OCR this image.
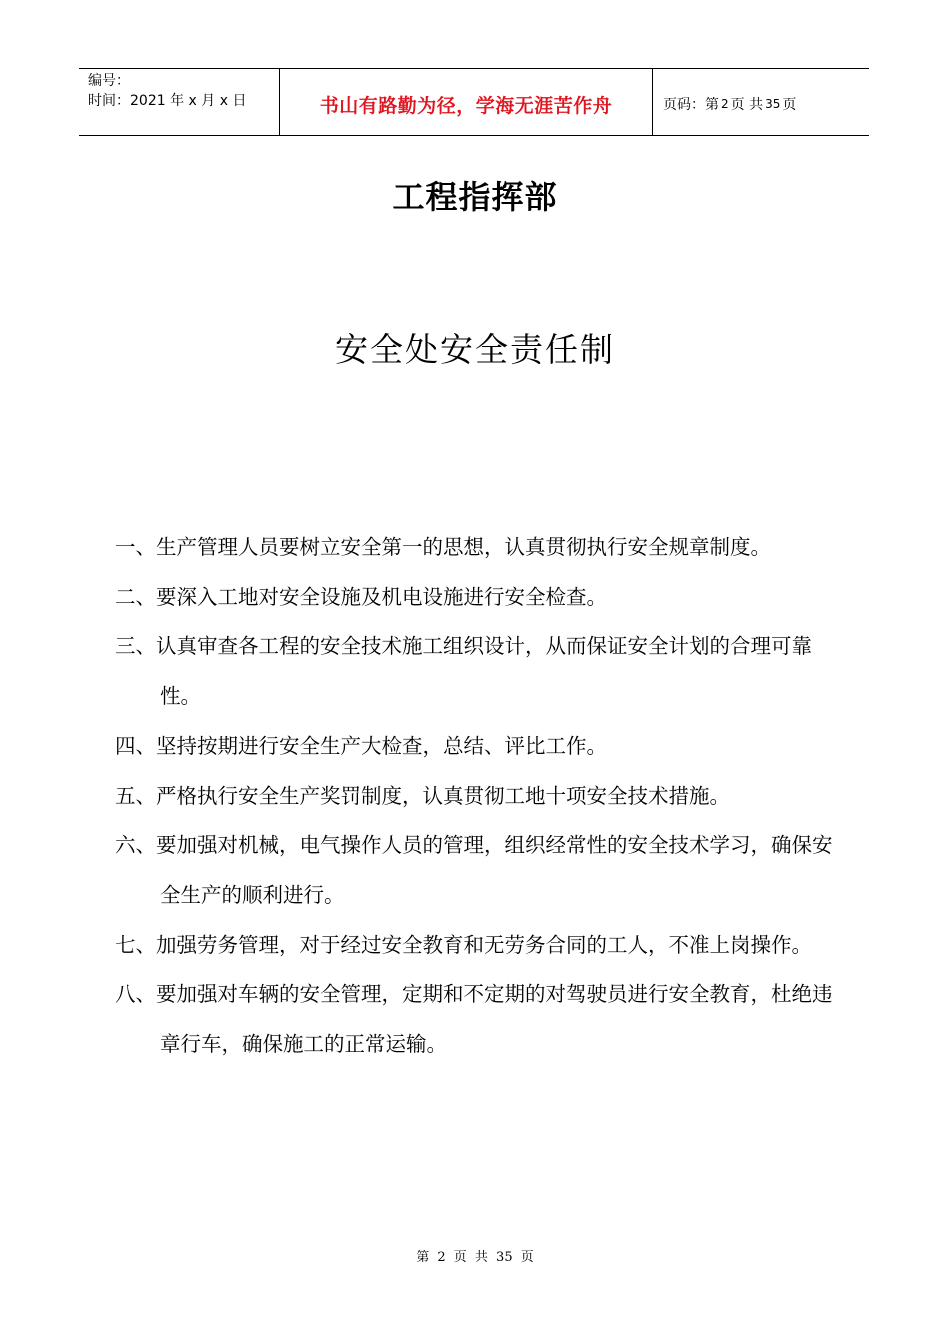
编号：
时间：2021 年 x 月 x 日	书山有路勤为径，学海无涯苦作舟	页码：第 2 页 共 35 页
工程指挥部
安全处安全责任制
一、生产管理人员要树立安全第一的思想，认真贯彻执行安全规章制度。
二、要深入工地对安全设施及机电设施进行安全检查。
三、认真审查各工程的安全技术施工组织设计，从而保证安全计划的合理可靠性。
四、坚持按期进行安全生产大检查，总结、评比工作。
五、严格执行安全生产奖罚制度，认真贯彻工地十项安全技术措施。
六、要加强对机械，电气操作人员的管理，组织经常性的安全技术学习，确保安全生产的顺利进行。
七、加强劳务管理，对于经过安全教育和无劳务合同的工人，不准上岗操作。
八、要加强对车辆的安全管理，定期和不定期的对驾驶员进行安全教育，杜绝违章行车，确保施工的正常运输。
第 2 页 共 35 页
